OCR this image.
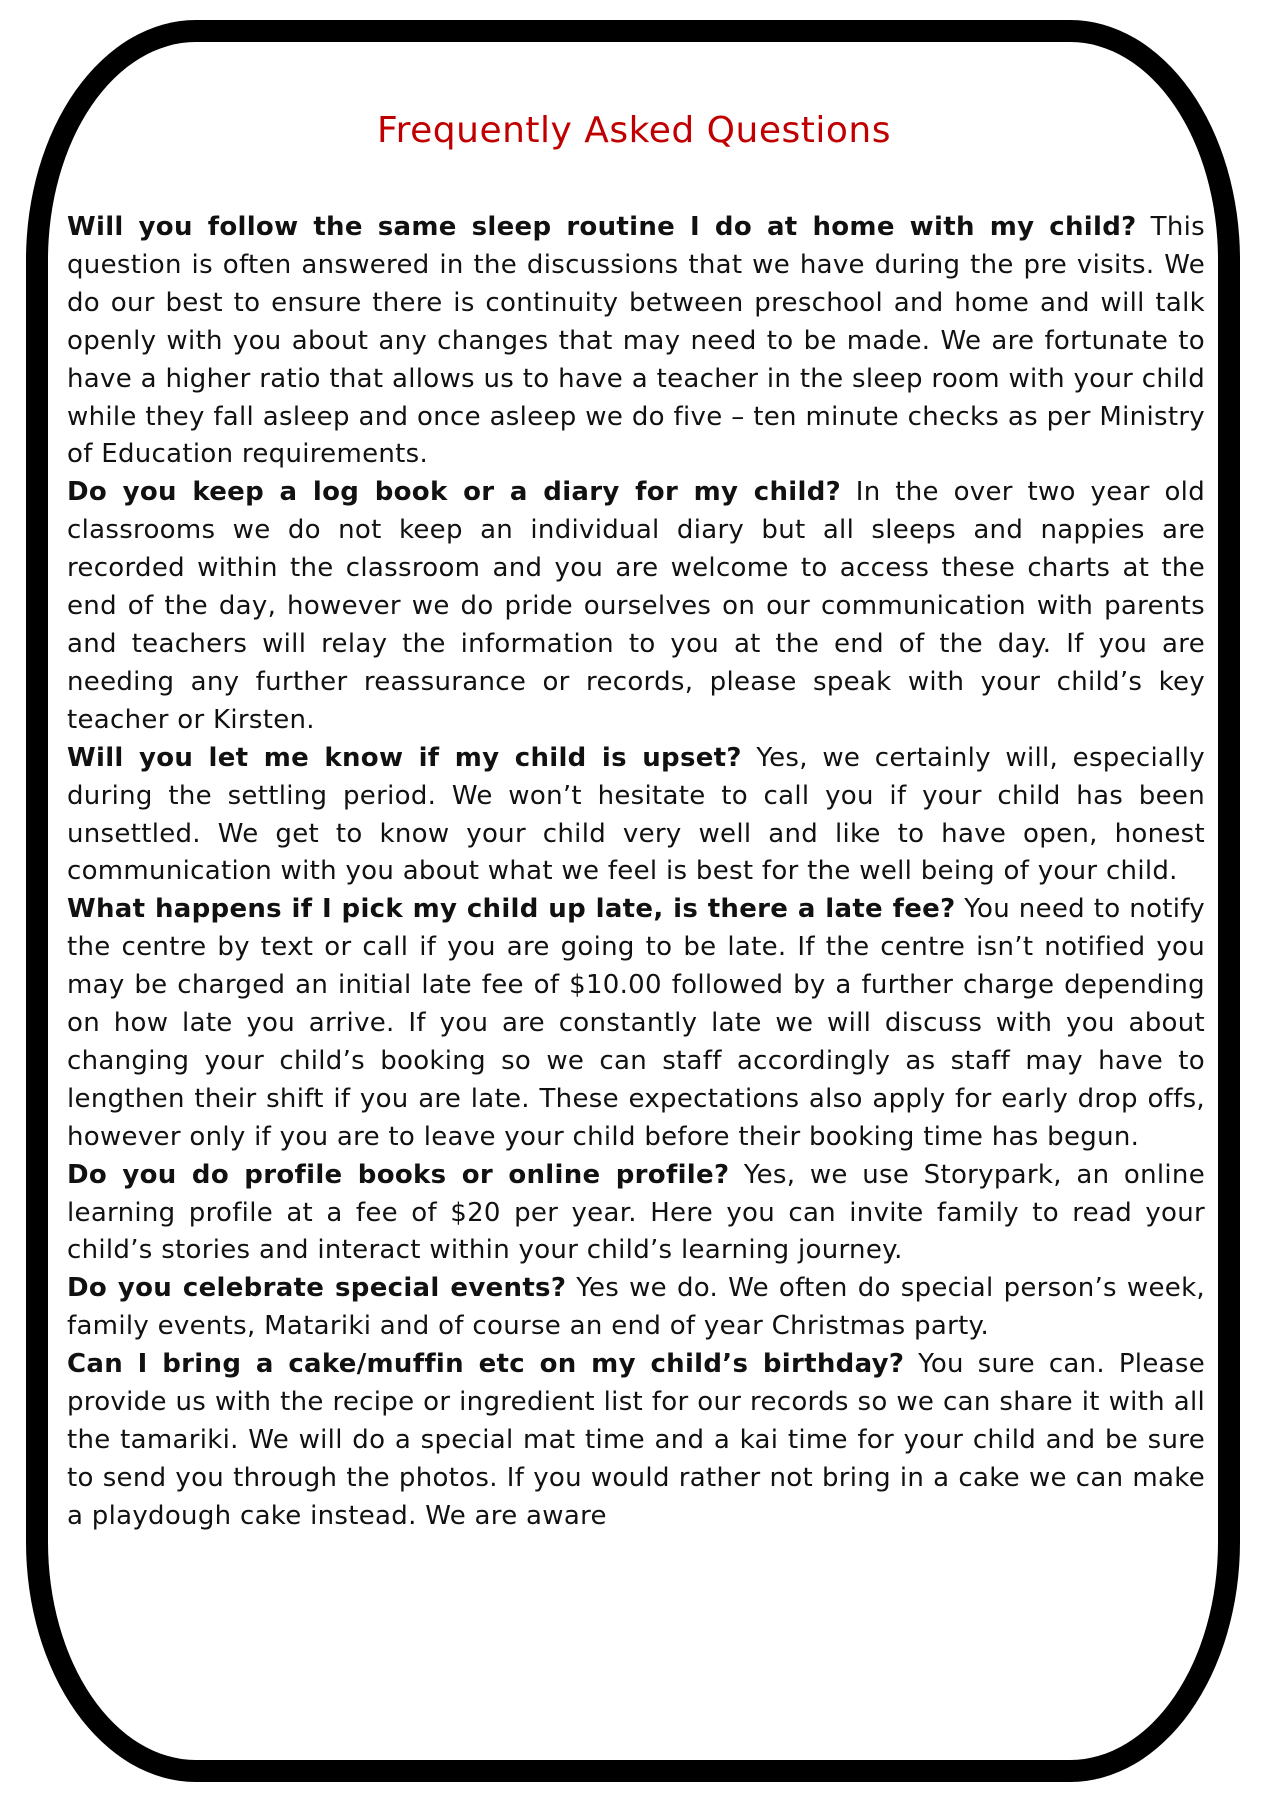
Frequently Asked Questions

Will you follow the same sleep routine I do at home with my child? This question is often answered in the discussions that we have during the pre visits. We do our best to ensure there is continuity between preschool and home and will talk openly with you about any changes that may need to be made. We are fortunate to have a higher ratio that allows us to have a teacher in the sleep room with your child while they fall asleep and once asleep we do five – ten minute checks as per Ministry of Education requirements.

Do you keep a log book or a diary for my child? In the over two year old classrooms we do not keep an individual diary but all sleeps and nappies are recorded within the classroom and you are welcome to access these charts at the end of the day, however we do pride ourselves on our communication with parents and teachers will relay the information to you at the end of the day. If you are needing any further reassurance or records, please speak with your child’s key teacher or Kirsten.

Will you let me know if my child is upset? Yes, we certainly will, especially during the settling period. We won’t hesitate to call you if your child has been unsettled. We get to know your child very well and like to have open, honest communication with you about what we feel is best for the well being of your child.

What happens if I pick my child up late, is there a late fee? You need to notify the centre by text or call if you are going to be late. If the centre isn’t notified you may be charged an initial late fee of $10.00 followed by a further charge depending on how late you arrive. If you are constantly late we will discuss with you about changing your child’s booking so we can staff accordingly as staff may have to lengthen their shift if you are late. These expectations also apply for early drop offs, however only if you are to leave your child before their booking time has begun.

Do you do profile books or online profile? Yes, we use Storypark, an online learning profile at a fee of $20 per year. Here you can invite family to read your child’s stories and interact within your child’s learning journey.

Do you celebrate special events? Yes we do. We often do special person’s week, family events, Matariki and of course an end of year Christmas party.

Can I bring a cake/muffin etc on my child’s birthday? You sure can. Please provide us with the recipe or ingredient list for our records so we can share it with all the tamariki. We will do a special mat time and a kai time for your child and be sure to send you through the photos. If you would rather not bring in a cake we can make a playdough cake instead. We are aware
